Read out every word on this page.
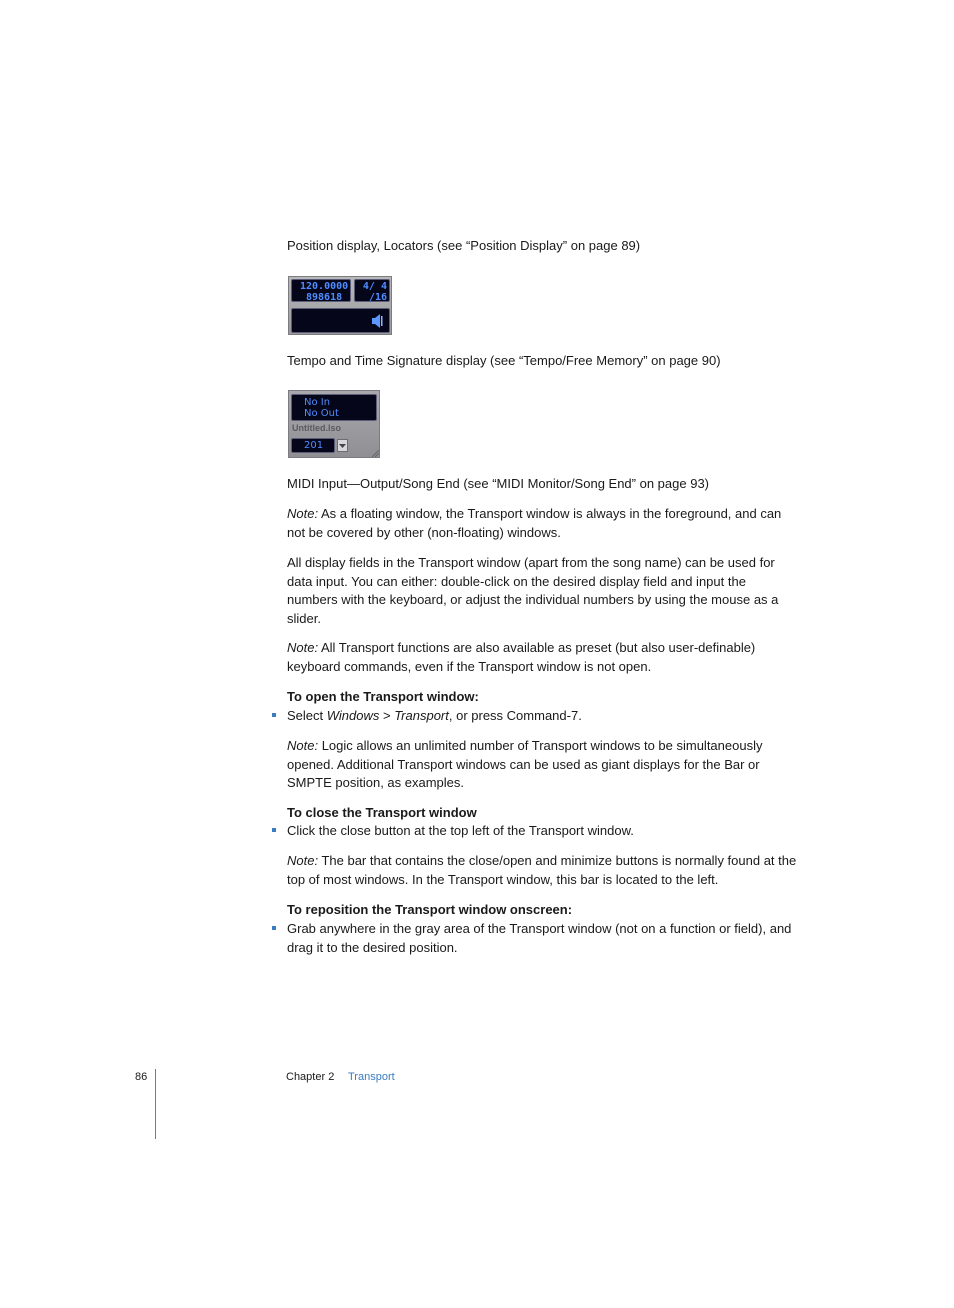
Position display, Locators (see “Position Display” on page 89)

120.0000
898618
4/ 4
/16

Tempo and Time Signature display (see “Tempo/Free Memory” on page 90)

No In
No Out
Untitled.lso
201

MIDI Input—Output/Song End (see “MIDI Monitor/Song End” on page 93)

Note: As a floating window, the Transport window is always in the foreground, and can not be covered by other (non-floating) windows.

All display fields in the Transport window (apart from the song name) can be used for data input. You can either: double-click on the desired display field and input the numbers with the keyboard, or adjust the individual numbers by using the mouse as a slider.

Note: All Transport functions are also available as preset (but also user-definable) keyboard commands, even if the Transport window is not open.

To open the Transport window:

Select Windows > Transport, or press Command-7.

Note: Logic allows an unlimited number of Transport windows to be simultaneously opened. Additional Transport windows can be used as giant displays for the Bar or SMPTE position, as examples.

To close the Transport window

Click the close button at the top left of the Transport window.

Note: The bar that contains the close/open and minimize buttons is normally found at the top of most windows. In the Transport window, this bar is located to the left.

To reposition the Transport window onscreen:

Grab anywhere in the gray area of the Transport window (not on a function or field), and drag it to the desired position.

86	Chapter 2 Transport
